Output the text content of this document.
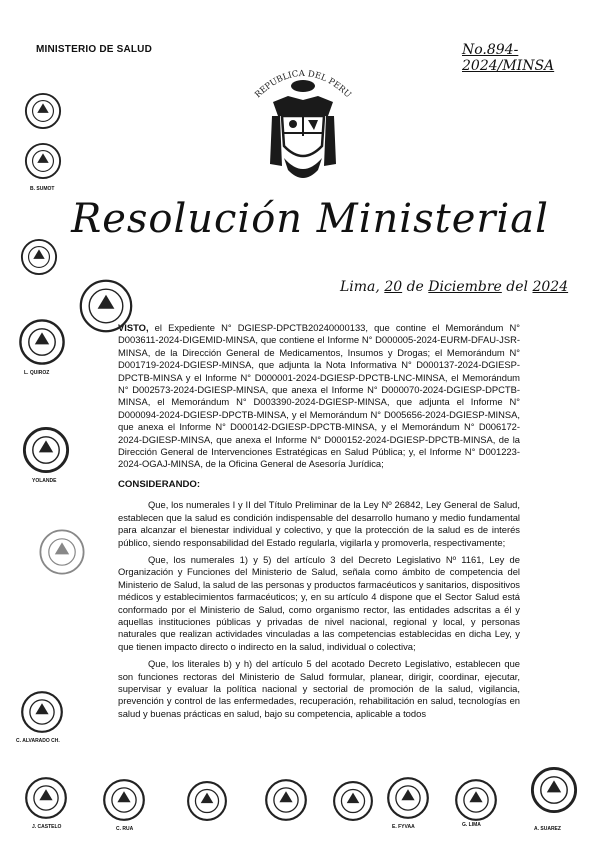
MINISTERIO DE SALUD	No.894-2024/MINSA
REPUBLICA DEL PERU
Resolución Ministerial
Lima, 20 de Diciembre del 2024

VISTO, el Expediente N° DGIESP-DPCTB20240000133, que contine el Memorándum N° D003611-2024-DIGEMID-MINSA, que contiene el Informe N° D000005-2024-EURM-DFAU-JSR-MINSA, de la Dirección General de Medicamentos, Insumos y Drogas; el Memorándum N° D001719-2024-DGIESP-MINSA, que adjunta la Nota Informativa N° D000137-2024-DGIESP-DPCTB-MINSA y el Informe N° D000001-2024-DGIESP-DPCTB-LNC-MINSA, el Memorándum N° D002573-2024-DGIESP-MINSA, que anexa el Informe N° D000070-2024-DGIESP-DPCTB-MINSA, el Memorándum N° D003390-2024-DGIESP-MINSA, que adjunta el Informe N° D000094-2024-DGIESP-DPCTB-MINSA, y el Memorándum N° D005656-2024-DGIESP-MINSA, que anexa el Informe N° D000142-DGIESP-DPCTB-MINSA, y el Memorándum N° D006172-2024-DGIESP-MINSA, que anexa el Informe N° D000152-2024-DGIESP-DPCTB-MINSA, de la Dirección General de Intervenciones Estratégicas en Salud Pública; y, el Informe N° D001223-2024-OGAJ-MINSA, de la Oficina General de Asesoría Jurídica;

CONSIDERANDO:

Que, los numerales I y II del Título Preliminar de la Ley Nº 26842, Ley General de Salud, establecen que la salud es condición indispensable del desarrollo humano y medio fundamental para alcanzar el bienestar individual y colectivo, y que la protección de la salud es de interés público, siendo responsabilidad del Estado regularla, vigilarla y promoverla, respectivamente;

Que, los numerales 1) y 5) del artículo 3 del Decreto Legislativo Nº 1161, Ley de Organización y Funciones del Ministerio de Salud, señala como ámbito de competencia del Ministerio de Salud, la salud de las personas y productos farmacéuticos y sanitarios, dispositivos médicos y establecimientos farmacéuticos; y, en su artículo 4 dispone que el Sector Salud está conformado por el Ministerio de Salud, como organismo rector, las entidades adscritas a él y aquellas instituciones públicas y privadas de nivel nacional, regional y local, y personas naturales que realizan actividades vinculadas a las competencias establecidas en dicha Ley, y que tienen impacto directo o indirecto en la salud, individual o colectiva;

Que, los literales b) y h) del artículo 5 del acotado Decreto Legislativo, establecen que son funciones rectoras del Ministerio de Salud formular, planear, dirigir, coordinar, ejecutar, supervisar y evaluar la política nacional y sectorial de promoción de la salud, vigilancia, prevención y control de las enfermedades, recuperación, rehabilitación en salud, tecnologías en salud y buenas prácticas en salud, bajo su competencia, aplicable a todos

B. SUMOT
L. QUIROZ
YOLANDE
C. ALVARADO CH.
J. CASTELO	C. RUA	E. FYVAA	G. LIMA
A. SUAREZ
